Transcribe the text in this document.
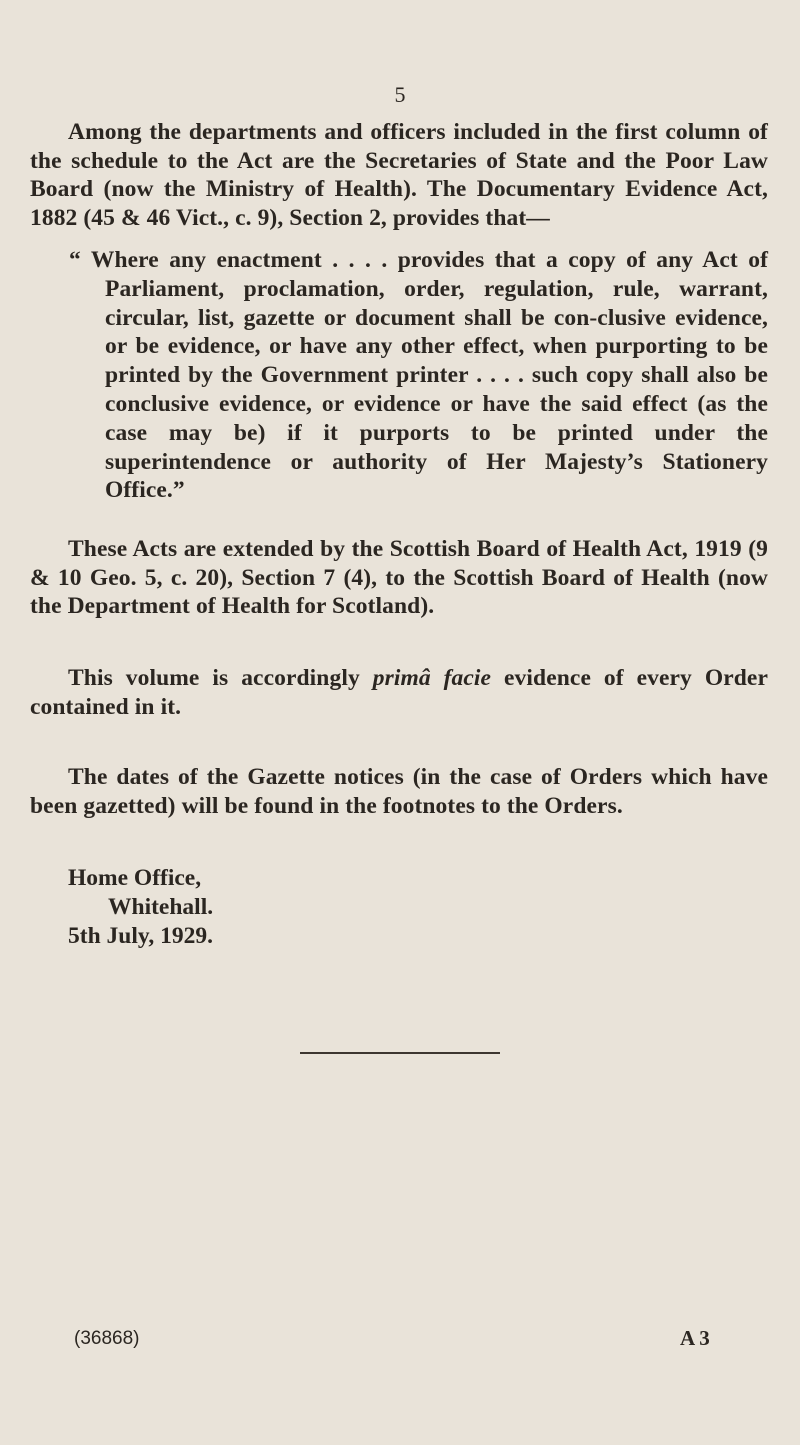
5
Among the departments and officers included in the first column of the schedule to the Act are the Secretaries of State and the Poor Law Board (now the Ministry of Health). The Documentary Evidence Act, 1882 (45 & 46 Vict., c. 9), Section 2, provides that—
“ Where any enactment . . . . provides that a copy of any Act of Parliament, proclamation, order, regulation, rule, warrant, circular, list, gazette or document shall be con-clusive evidence, or be evidence, or have any other effect, when purporting to be printed by the Government printer . . . . such copy shall also be conclusive evidence, or evidence or have the said effect (as the case may be) if it purports to be printed under the superintendence or authority of Her Majesty’s Stationery Office.”
These Acts are extended by the Scottish Board of Health Act, 1919 (9 & 10 Geo. 5, c. 20), Section 7 (4), to the Scottish Board of Health (now the Department of Health for Scotland).
This volume is accordingly primâ facie evidence of every Order contained in it.
The dates of the Gazette notices (in the case of Orders which have been gazetted) will be found in the footnotes to the Orders.
Home Office,
Whitehall.
5th July, 1929.
(36868)	A 3
